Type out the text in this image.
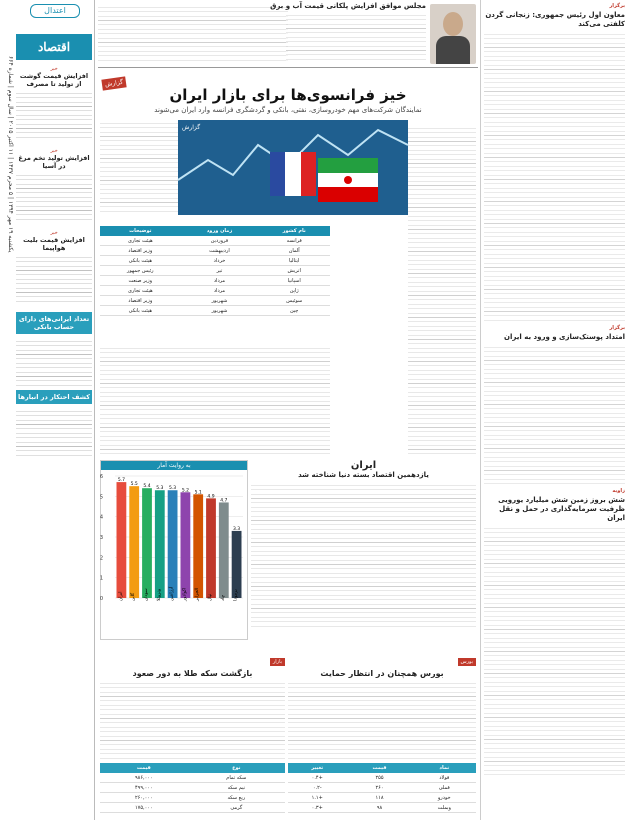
یکشنبه ۱۹ مهر ۱۳۹۴ | ۵ محرم ۱۴۳۷ | ۱۱ اکتبر ۲۰۱۵ | سال سوم | شماره ۶۶۴
اعتدال
اقتصاد
خبر
افزایش قیمت گوشت از تولید تا مصرف
خبر
افزایش تولید تخم مرغ در آسیا
خبر
افزایش قیمت بلیت هواپیما
تعداد ایرانی‌های دارای حساب بانکی
کشف احتکار در انبارها
مجلس موافق افزایش پلکانی قیمت آب و برق
گزارش
خیز فرانسوی‌ها برای بازار ایران
نمایندگان شرکت‌های مهم خودروسازی، نفتی، بانکی و گردشگری فرانسه وارد ایران می‌شوند
گزارش
نام کشور	زمان ورود	توضیحات
فرانسه	فروردین	هیئت تجاری
آلمان	اردیبهشت	وزیر اقتصاد
ایتالیا	خرداد	هیئت بانکی
اتریش	تیر	رئیس جمهور
اسپانیا	مرداد	وزیر صنعت
ژاپن	مرداد	هیئت تجاری
سوئیس	شهریور	وزیر اقتصاد
چین	شهریور	هیئت بانکی
به روایت آمار
0
1
2
3
4
5
6
5.7
ایران
5.5
گابن
5.4
سودان
5.3
ونزوئلا
5.3
آرژانتین
5.2
اکوادور
5.1
الجزایر
4.9
نپال
4.7
چاد
3.3
برمودا
ایران
یازدهمین اقتصاد بسته دنیا شناخته شد
بازار
بازگشت سکه طلا به دور صعود
نوع	قیمت
سکه تمام	۹۸۶,۰۰۰
نیم سکه	۴۹۹,۰۰۰
ربع سکه	۲۶۰,۰۰۰
گرمی	۱۷۵,۰۰۰
بورس
بورس همچنان در انتظار حمایت
نماد	قیمت	تغییر
فولاد	۲۵۵	+۰.۴
فملی	۲۶۰	-۰.۲
خودرو	۱۱۸	+۱.۱
وبملت	۹۸	+۰.۳
برگزار
معاون اول رئیس جمهوری: زنجانی گردن کلفتی می‌کند
برگزار
امتداد پوستک‌سازی و ورود به ایران
زاویه
شش بروز زمین شش میلیارد یورویی ظرفیت سرمایه‌گذاری در حمل و نقل ایران
